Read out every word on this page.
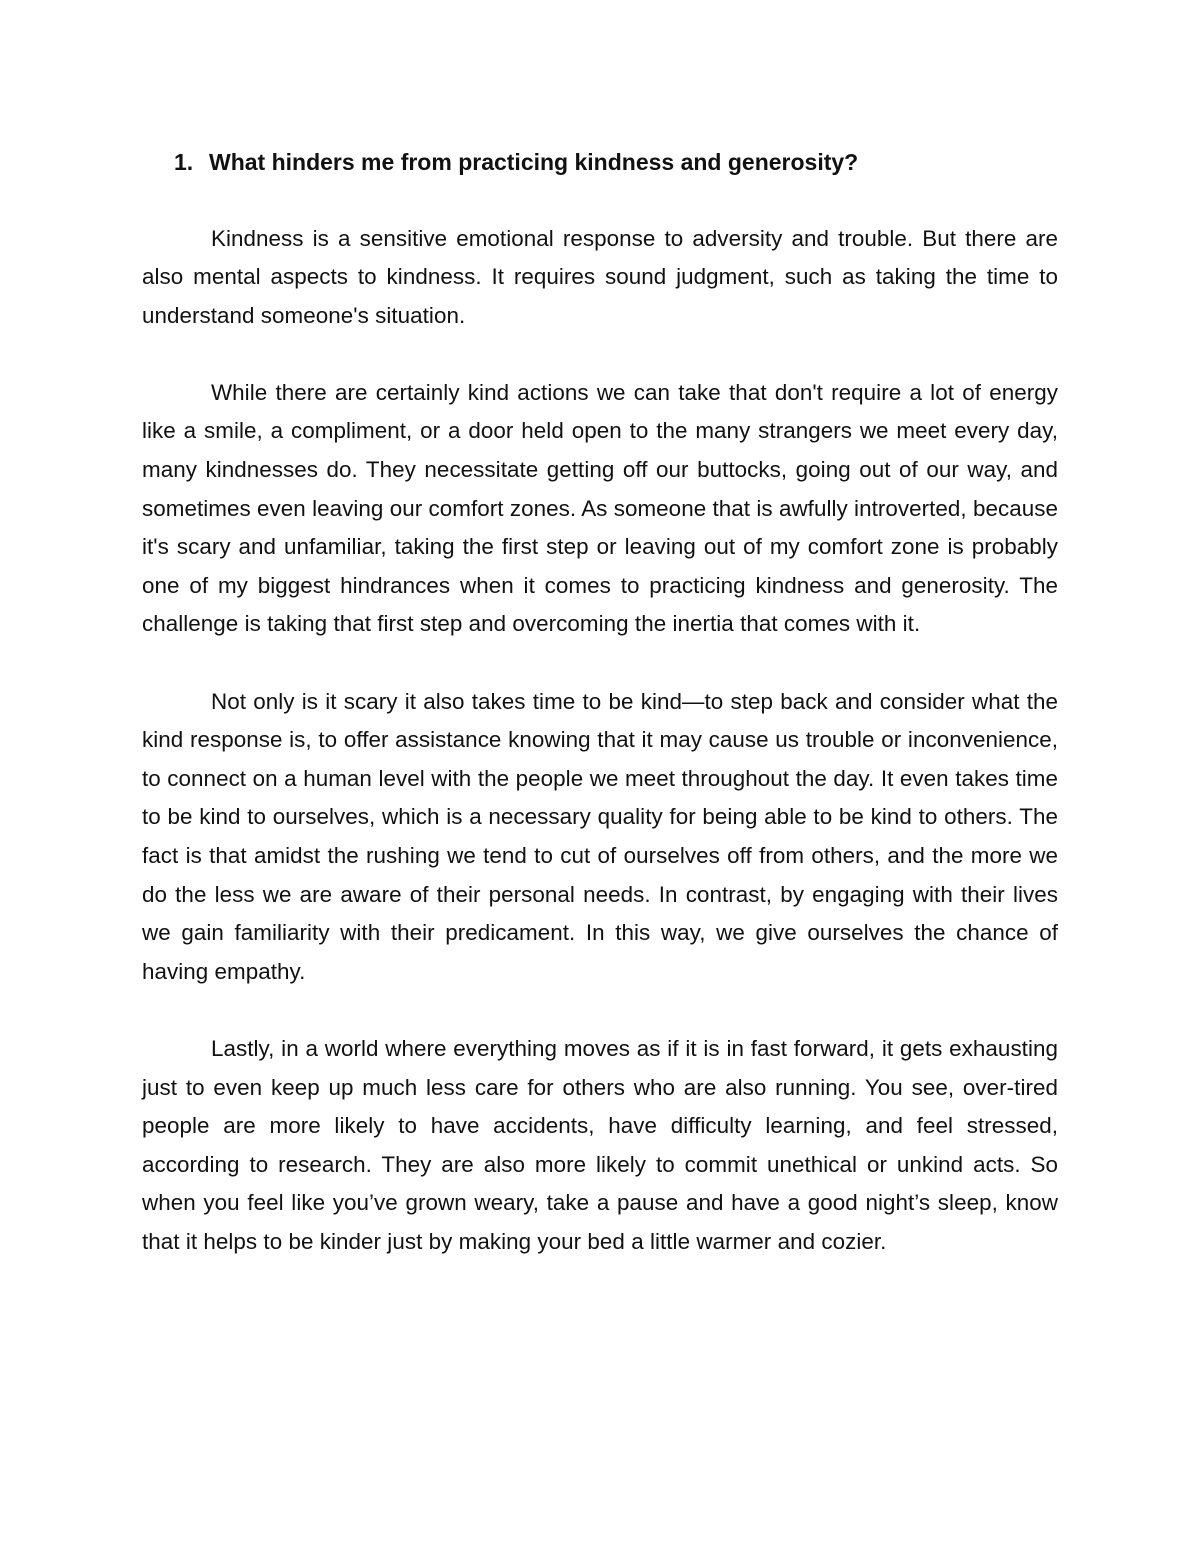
1. What hinders me from practicing kindness and generosity?

Kindness is a sensitive emotional response to adversity and trouble. But there are also mental aspects to kindness. It requires sound judgment, such as taking the time to understand someone's situation.

While there are certainly kind actions we can take that don't require a lot of energy like a smile, a compliment, or a door held open to the many strangers we meet every day, many kindnesses do. They necessitate getting off our buttocks, going out of our way, and sometimes even leaving our comfort zones. As someone that is awfully introverted, because it's scary and unfamiliar, taking the first step or leaving out of my comfort zone is probably one of my biggest hindrances when it comes to practicing kindness and generosity. The challenge is taking that first step and overcoming the inertia that comes with it.

Not only is it scary it also takes time to be kind—to step back and consider what the kind response is, to offer assistance knowing that it may cause us trouble or inconvenience, to connect on a human level with the people we meet throughout the day. It even takes time to be kind to ourselves, which is a necessary quality for being able to be kind to others. The fact is that amidst the rushing we tend to cut of ourselves off from others, and the more we do the less we are aware of their personal needs. In contrast, by engaging with their lives we gain familiarity with their predicament. In this way, we give ourselves the chance of having empathy.

Lastly, in a world where everything moves as if it is in fast forward, it gets exhausting just to even keep up much less care for others who are also running. You see, over-tired people are more likely to have accidents, have difficulty learning, and feel stressed, according to research. They are also more likely to commit unethical or unkind acts. So when you feel like you’ve grown weary, take a pause and have a good night’s sleep, know that it helps to be kinder just by making your bed a little warmer and cozier.
